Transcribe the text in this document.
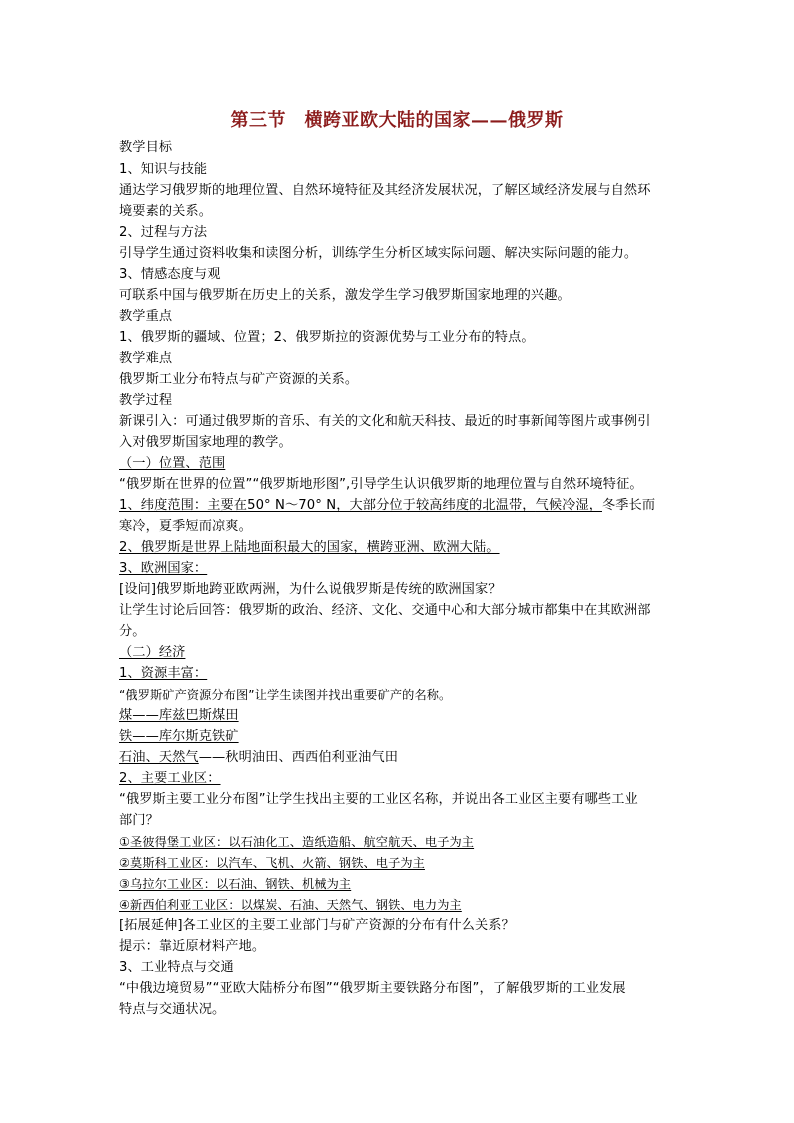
第三节　横跨亚欧大陆的国家——俄罗斯
教学目标
1、知识与技能
通达学习俄罗斯的地理位置、自然环境特征及其经济发展状况，了解区域经济发展与自然环
境要素的关系。
2、过程与方法
引导学生通过资料收集和读图分析，训练学生分析区域实际问题、解决实际问题的能力。
3、情感态度与观
可联系中国与俄罗斯在历史上的关系，激发学生学习俄罗斯国家地理的兴趣。
教学重点
1、俄罗斯的疆域、位置；2、俄罗斯拉的资源优势与工业分布的特点。
教学难点
俄罗斯工业分布特点与矿产资源的关系。
教学过程
新课引入：可通过俄罗斯的音乐、有关的文化和航天科技、最近的时事新闻等图片或事例引
入对俄罗斯国家地理的教学。
（一）位置、范围
“俄罗斯在世界的位置”“俄罗斯地形图”,引导学生认识俄罗斯的地理位置与自然环境特征。
1、纬度范围：主要在50° N～70° N，大部分位于较高纬度的北温带，气候冷湿，冬季长而
寒冷，夏季短而凉爽。
2、俄罗斯是世界上陆地面积最大的国家，横跨亚洲、欧洲大陆。
3、欧洲国家：
[设问]俄罗斯地跨亚欧两洲，为什么说俄罗斯是传统的欧洲国家？
让学生讨论后回答：俄罗斯的政治、经济、文化、交通中心和大部分城市都集中在其欧洲部
分。
（二）经济
1、资源丰富：
“俄罗斯矿产资源分布图”让学生读图并找出重要矿产的名称。
煤——库兹巴斯煤田
铁——库尔斯克铁矿
石油、天然气——秋明油田、西西伯利亚油气田
2、主要工业区：
“俄罗斯主要工业分布图”让学生找出主要的工业区名称，并说出各工业区主要有哪些工业
部门？
①圣彼得堡工业区：以石油化工、造纸造船、航空航天、电子为主
②莫斯科工业区：以汽车、飞机、火箭、钢铁、电子为主
③乌拉尔工业区：以石油、钢铁、机械为主
④新西伯利亚工业区：以煤炭、石油、天然气、钢铁、电力为主
[拓展延伸]各工业区的主要工业部门与矿产资源的分布有什么关系？
提示：靠近原材料产地。
3、工业特点与交通
“中俄边境贸易”“亚欧大陆桥分布图”“俄罗斯主要铁路分布图”，了解俄罗斯的工业发展
特点与交通状况。
